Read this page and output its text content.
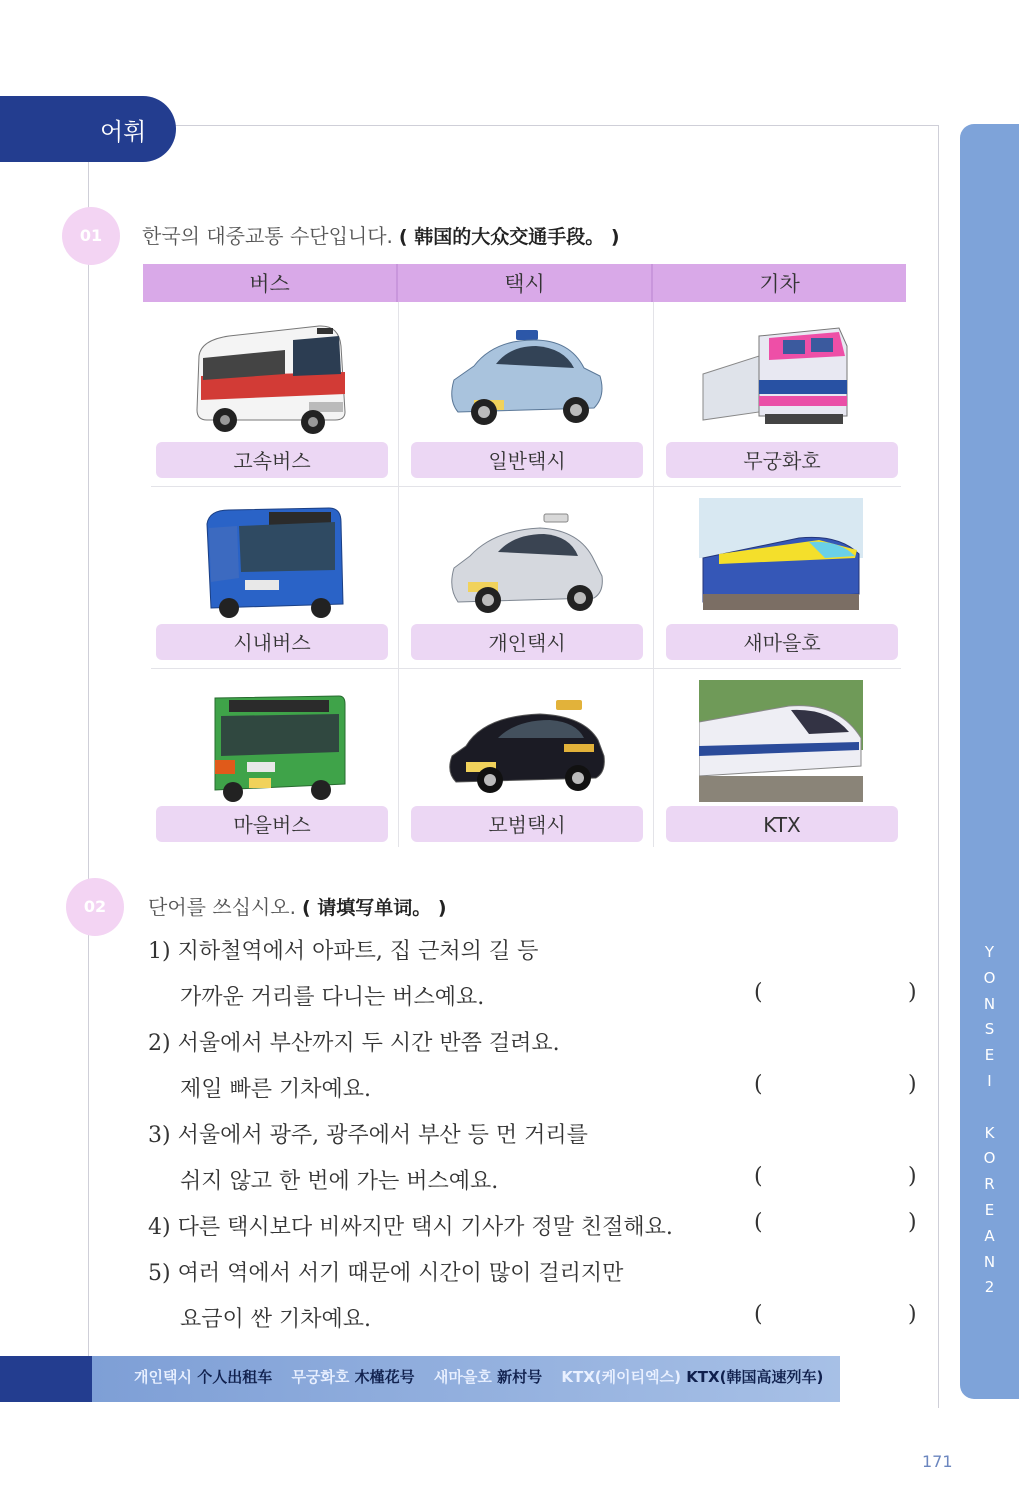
어휘
Y
O
N
S
E
I

K
O
R
E
A
N
2
01	한국의 대중교통 수단입니다. ( 韩国的大众交通手段。 )
버스	택시	기차
고속버스	일반택시	무궁화호
시내버스	개인택시	새마을호
마을버스	모범택시	KTX
02	단어를 쓰십시오. ( 请填写单词。 )
1) 지하철역에서 아파트, 집 근처의 길 등
가까운 거리를 다니는 버스예요.
2) 서울에서 부산까지 두 시간 반쯤 걸려요.
제일 빠른 기차예요.
3) 서울에서 광주, 광주에서 부산 등 먼 거리를
쉬지 않고 한 번에 가는 버스예요.
4) 다른 택시보다 비싸지만 택시 기사가 정말 친절해요.
5) 여러 역에서 서기 때문에 시간이 많이 걸리지만
요금이 싼 기차예요.
(	)
(	)
(	)
(	)
(	)
개인택시 个人出租车 무궁화호 木槿花号 새마을호 新村号 KTX(케이티엑스) KTX(韩国高速列车)
171
